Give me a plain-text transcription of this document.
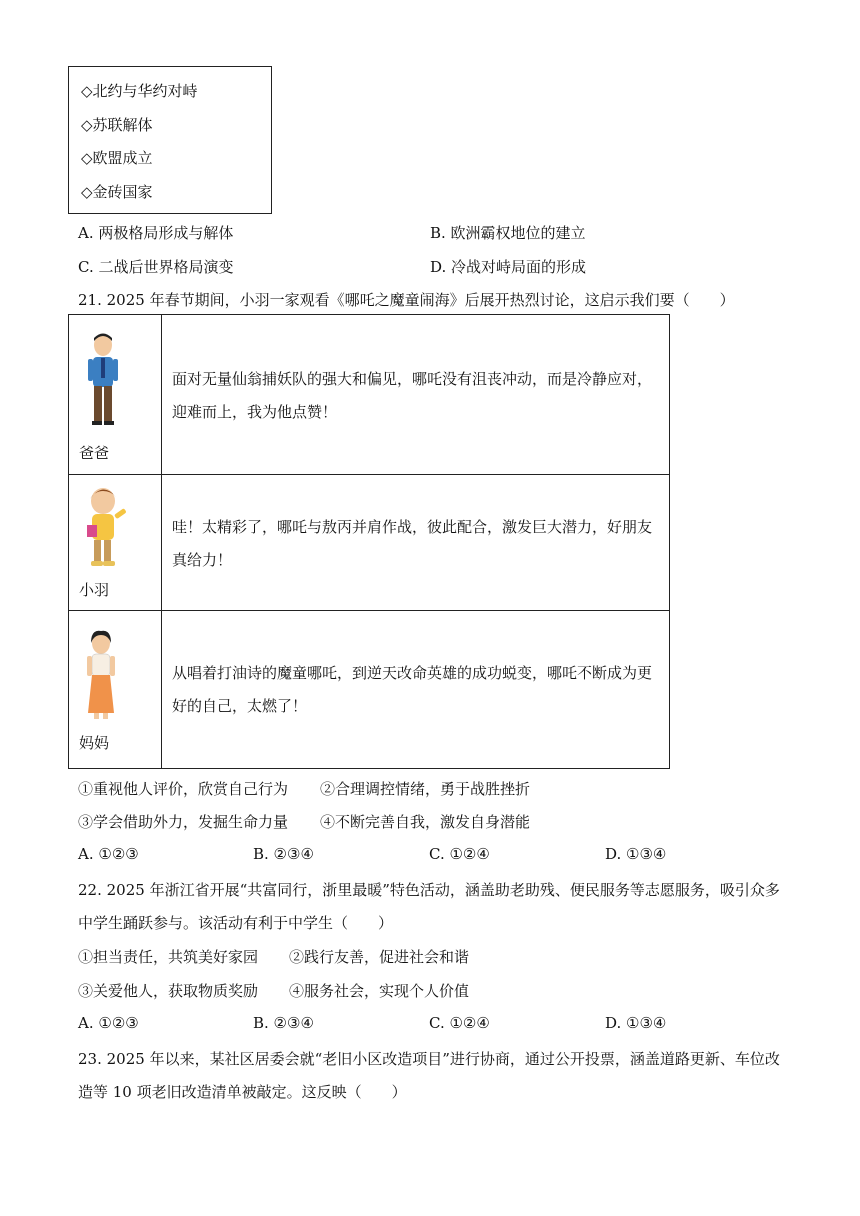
◇北约与华约对峙
◇苏联解体
◇欧盟成立
◇金砖国家
A. 两极格局形成与解体	B. 欧洲霸权地位的建立
C. 二战后世界格局演变	D. 冷战对峙局面的形成
21. 2025 年春节期间，小羽一家观看《哪吒之魔童闹海》后展开热烈讨论，这启示我们要（　　）
爸爸	面对无量仙翁捕妖队的强大和偏见，哪吒没有沮丧冲动，而是冷静应对，
迎难而上，我为他点赞！

小羽	哇！太精彩了，哪吒与敖丙并肩作战，彼此配合，激发巨大潜力，好朋友
真给力！

妈妈	从唱着打油诗的魔童哪吒，到逆天改命英雄的成功蜕变，哪吒不断成为更
好的自己，太燃了！
①重视他人评价，欣赏自己行为 ②合理调控情绪，勇于战胜挫折
③学会借助外力，发掘生命力量 ④不断完善自我，激发自身潜能
A. ①②③	B. ②③④	C. ①②④	D. ①③④
22. 2025 年浙江省开展“共富同行，浙里最暖”特色活动，涵盖助老助残、便民服务等志愿服务，吸引众多
中学生踊跃参与。该活动有利于中学生（　　）
①担当责任，共筑美好家园 ②践行友善，促进社会和谐
③关爱他人，获取物质奖励 ④服务社会，实现个人价值
A. ①②③	B. ②③④	C. ①②④	D. ①③④
23. 2025 年以来，某社区居委会就“老旧小区改造项目”进行协商，通过公开投票，涵盖道路更新、车位改
造等 10 项老旧改造清单被敲定。这反映（　　）
